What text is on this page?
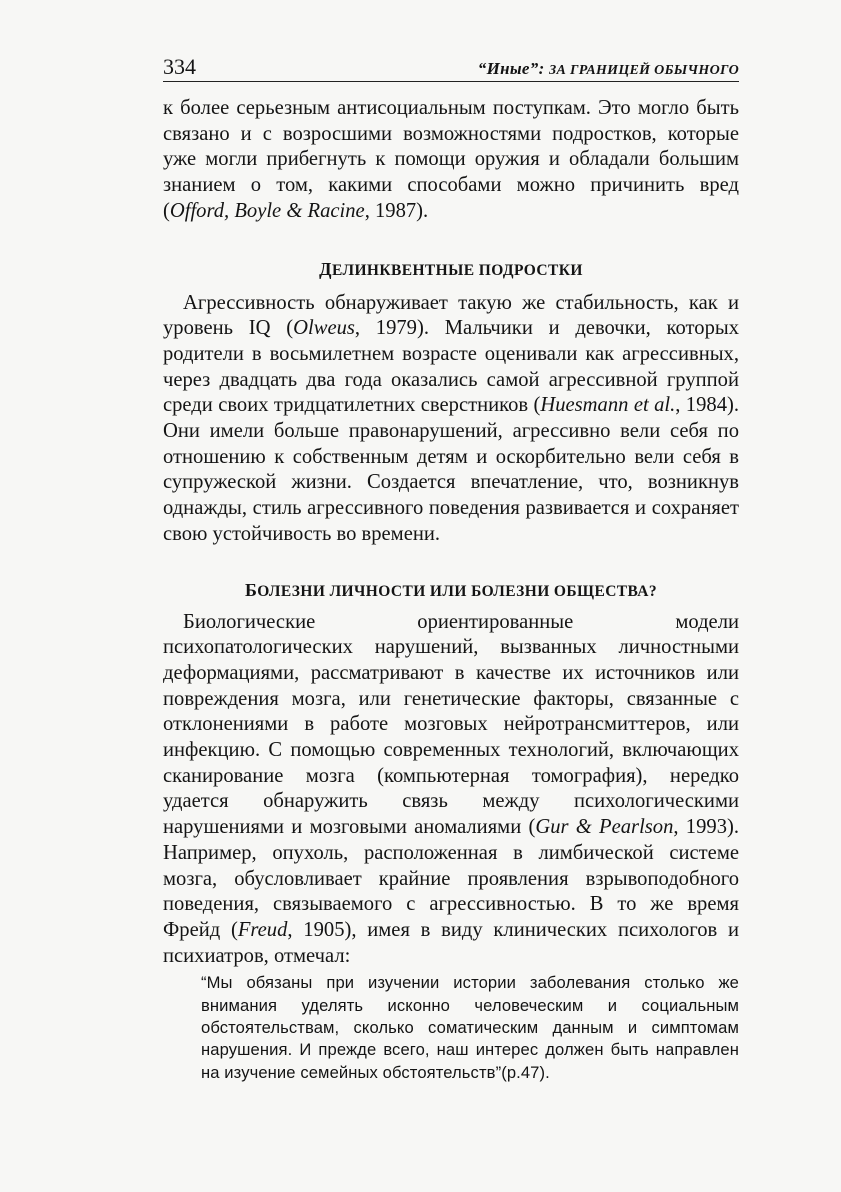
334	“Иные”: ЗА ГРАНИЦЕЙ ОБЫЧНОГО

к более серьезным антисоциальным поступкам. Это могло быть связано и с возросшими возможностями подростков, которые уже могли прибегнуть к помощи оружия и обладали большим знанием о том, какими способами можно причинить вред (Offord, Boyle & Racine, 1987).

ДЕЛИНКВЕНТНЫЕ ПОДРОСТКИ

Агрессивность обнаруживает такую же стабильность, как и уровень IQ (Olweus, 1979). Мальчики и девочки, которых родители в восьмилетнем возрасте оценивали как агрессивных, через двадцать два года оказались самой агрессивной группой среди своих тридцатилетних сверстников (Huesmann et al., 1984). Они имели больше правонарушений, агрессивно вели себя по отношению к собственным детям и оскорбительно вели себя в супружеской жизни. Создается впечатление, что, возникнув однажды, стиль агрессивного поведения развивается и сохраняет свою устойчивость во времени.

БОЛЕЗНИ ЛИЧНОСТИ ИЛИ БОЛЕЗНИ ОБЩЕСТВА?

Биологические ориентированные модели психопатологических нарушений, вызванных личностными деформациями, рассматривают в качестве их источников или повреждения мозга, или генетические факторы, связанные с отклонениями в работе мозговых нейротрансмиттеров, или инфекцию. С помощью современных технологий, включающих сканирование мозга (компьютерная томография), нередко удается обнаружить связь между психологическими нарушениями и мозговыми аномалиями (Gur & Pearlson, 1993). Например, опухоль, расположенная в лимбической системе мозга, обусловливает крайние проявления взрывоподобного поведения, связываемого с агрессивностью. В то же время Фрейд (Freud, 1905), имея в виду клинических психологов и психиатров, отмечал:

“Мы обязаны при изучении истории заболевания столько же внимания уделять исконно человеческим и социальным обстоятельствам, сколько соматическим данным и симптомам нарушения. И прежде всего, наш интерес должен быть направлен на изучение семейных обстоятельств”(р.47).
